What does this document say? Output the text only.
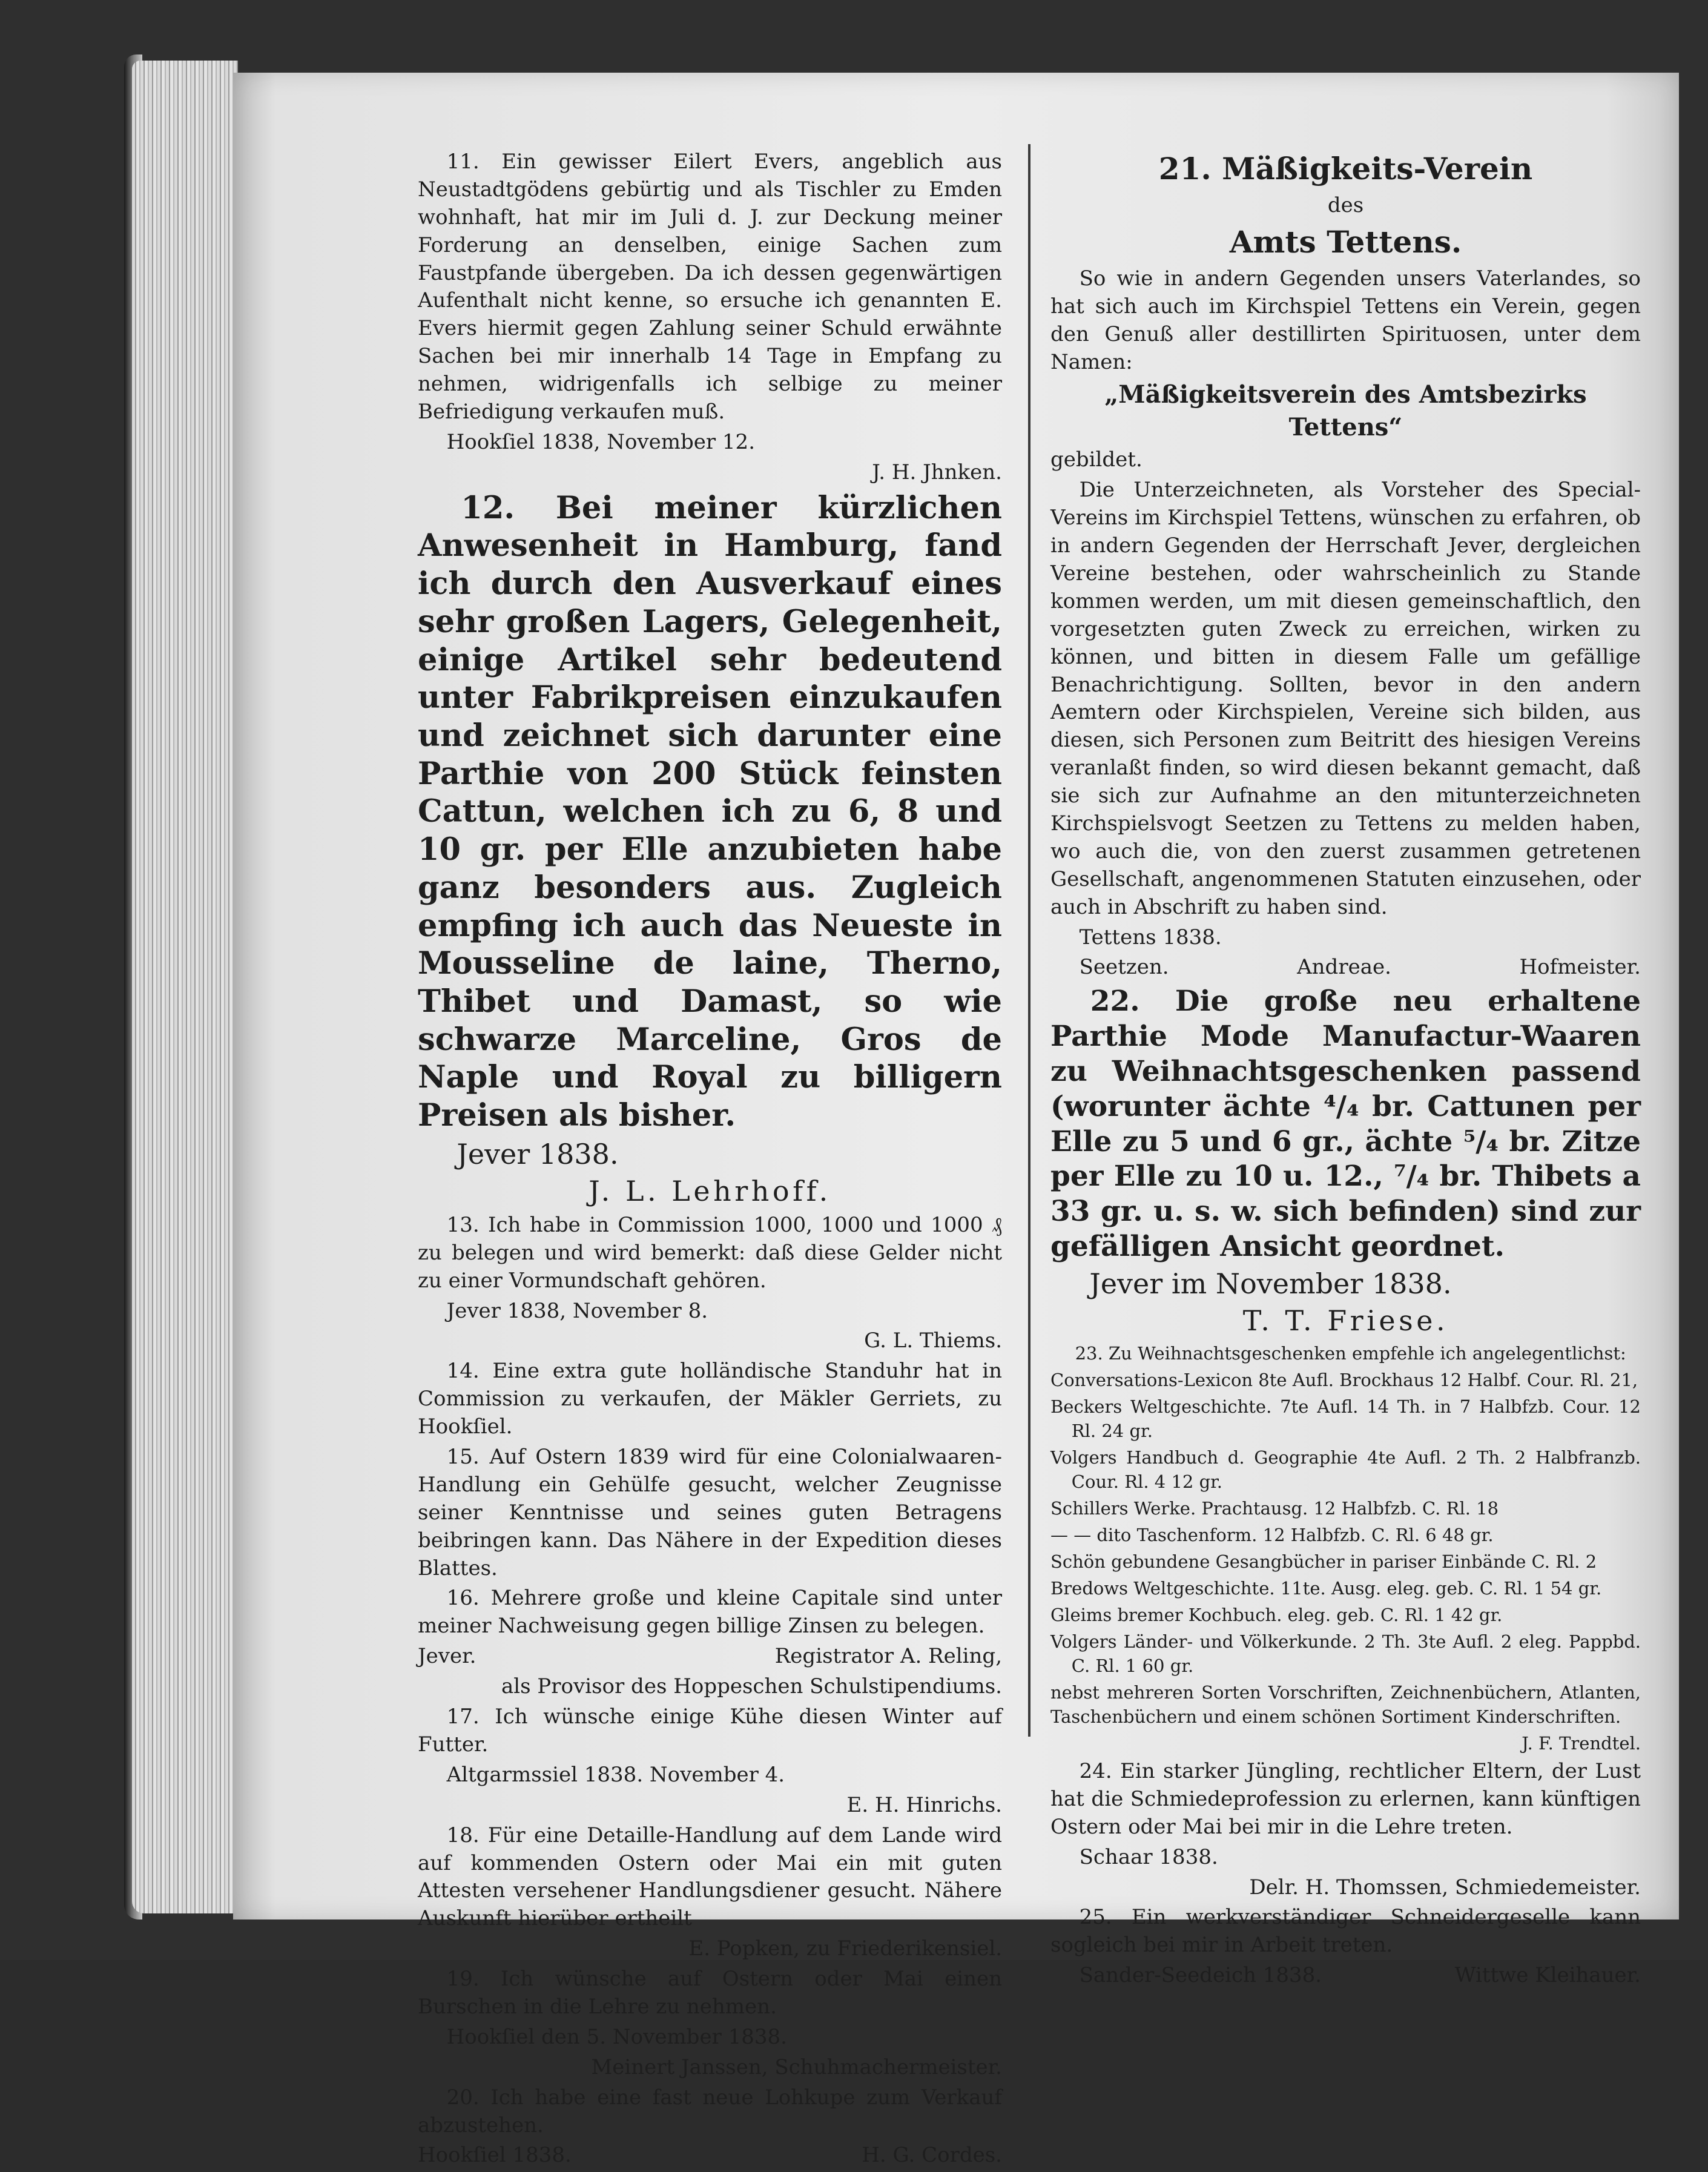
11. Ein gewisser Eilert Evers, angeblich aus Neustadtgödens gebürtig und als Tischler zu Emden wohnhaft, hat mir im Juli d. J. zur Deckung meiner Forderung an denselben, einige Sachen zum Faustpfande übergeben. Da ich dessen gegenwärtigen Aufenthalt nicht kenne, so ersuche ich genannten E. Evers hiermit gegen Zahlung seiner Schuld erwähnte Sachen bei mir innerhalb 14 Tage in Empfang zu nehmen, widrigenfalls ich selbige zu meiner Befriedigung verkaufen muß.

Hookſiel 1838, November 12.

J. H. Jhnken.

12. Bei meiner kürzlichen Anwesenheit in Hamburg, fand ich durch den Ausverkauf eines sehr großen Lagers, Gelegenheit, einige Artikel sehr bedeutend unter Fabrikpreisen einzukaufen und zeichnet sich darunter eine Parthie von 200 Stück feinsten Cattun, welchen ich zu 6, 8 und 10 gr. per Elle anzubieten habe ganz besonders aus. Zugleich empfing ich auch das Neueste in Mousseline de laine, Therno, Thibet und Damast, so wie schwarze Marceline, Gros de Naple und Royal zu billigern Preisen als bisher.

Jever 1838.

J. L. Lehrhoff.

13. Ich habe in Commission 1000, 1000 und 1000 ₰ zu belegen und wird bemerkt: daß diese Gelder nicht zu einer Vormundschaft gehören.

Jever 1838, November 8.

G. L. Thiems.

14. Eine extra gute holländische Standuhr hat in Commission zu verkaufen, der Mäkler Gerriets, zu Hookſiel.

15. Auf Ostern 1839 wird für eine Colonialwaaren-Handlung ein Gehülfe gesucht, welcher Zeugnisse seiner Kenntnisse und seines guten Betragens beibringen kann. Das Nähere in der Expedition dieses Blattes.

16. Mehrere große und kleine Capitale sind unter meiner Nachweisung gegen billige Zinsen zu belegen.

Jever.	Registrator A. Reling,

als Provisor des Hoppeschen Schulstipendiums.

17. Ich wünsche einige Kühe diesen Winter auf Futter.

Altgarmssiel 1838. November 4.

E. H. Hinrichs.

18. Für eine Detaille-Handlung auf dem Lande wird auf kommenden Ostern oder Mai ein mit guten Attesten versehener Handlungsdiener gesucht. Nähere Auskunft hierüber ertheilt

E. Popken, zu Friederikensiel.

19. Ich wünsche auf Ostern oder Mai einen Burschen in die Lehre zu nehmen.

Hookſiel den 5. November 1838.

Meinert Janssen, Schuhmachermeister.

20. Ich habe eine fast neue Lohkupe zum Verkauf abzustehen.

Hookſiel 1838.	H. G. Cordes.

21. Mäßigkeits-Verein

des

Amts Tettens.

So wie in andern Gegenden unsers Vaterlandes, so hat sich auch im Kirchspiel Tettens ein Verein, gegen den Genuß aller destillirten Spirituosen, unter dem Namen:

„Mäßigkeitsverein des Amtsbezirks Tettens“

gebildet.

Die Unterzeichneten, als Vorsteher des Special-Vereins im Kirchspiel Tettens, wünschen zu erfahren, ob in andern Gegenden der Herrschaft Jever, dergleichen Vereine bestehen, oder wahrscheinlich zu Stande kommen werden, um mit diesen gemeinschaftlich, den vorgesetzten guten Zweck zu erreichen, wirken zu können, und bitten in diesem Falle um gefällige Benachrichtigung. Sollten, bevor in den andern Aemtern oder Kirchspielen, Vereine sich bilden, aus diesen, sich Personen zum Beitritt des hiesigen Vereins veranlaßt finden, so wird diesen bekannt gemacht, daß sie sich zur Aufnahme an den mitunterzeichneten Kirchspielsvogt Seetzen zu Tettens zu melden haben, wo auch die, von den zuerst zusammen getretenen Gesellschaft, angenommenen Statuten einzusehen, oder auch in Abschrift zu haben sind.

Tettens 1838.

Seetzen.	Andreae.	Hofmeister.

22. Die große neu erhaltene Parthie Mode Manufactur-Waaren zu Weihnachtsgeschenken passend (worunter ächte ⁴/₄ br. Cattunen per Elle zu 5 und 6 gr., ächte ⁵/₄ br. Zitze per Elle zu 10 u. 12., ⁷/₄ br. Thibets a 33 gr. u. s. w. sich befinden) sind zur gefälligen Ansicht geordnet.

Jever im November 1838.

T. T. Friese.

23. Zu Weihnachtsgeschenken empfehle ich angelegentlichst:

Conversations-Lexicon 8te Aufl. Brockhaus 12 Halbf. Cour. Rl. 21,

Beckers Weltgeschichte. 7te Aufl. 14 Th. in 7 Halbfzb. Cour. 12 Rl. 24 gr.

Volgers Handbuch d. Geographie 4te Aufl. 2 Th. 2 Halbfranzb. Cour. Rl. 4 12 gr.

Schillers Werke. Prachtausg. 12 Halbfzb. C. Rl. 18

— — dito Taschenform. 12 Halbfzb. C. Rl. 6 48 gr.

Schön gebundene Gesangbücher in pariser Einbände C. Rl. 2

Bredows Weltgeschichte. 11te. Ausg. eleg. geb. C. Rl. 1 54 gr.

Gleims bremer Kochbuch. eleg. geb. C. Rl. 1 42 gr.

Volgers Länder- und Völkerkunde. 2 Th. 3te Aufl. 2 eleg. Pappbd. C. Rl. 1 60 gr.

nebst mehreren Sorten Vorschriften, Zeichnenbüchern, Atlanten, Taschenbüchern und einem schönen Sortiment Kinderschriften.

J. F. Trendtel.

24. Ein starker Jüngling, rechtlicher Eltern, der Lust hat die Schmiedeprofession zu erlernen, kann künftigen Ostern oder Mai bei mir in die Lehre treten.

Schaar 1838.

Delr. H. Thomssen, Schmiedemeister.

25. Ein werkverständiger Schneidergeselle kann sogleich bei mir in Arbeit treten.

Sander-Seedeich 1838.	Wittwe Kleihauer.
